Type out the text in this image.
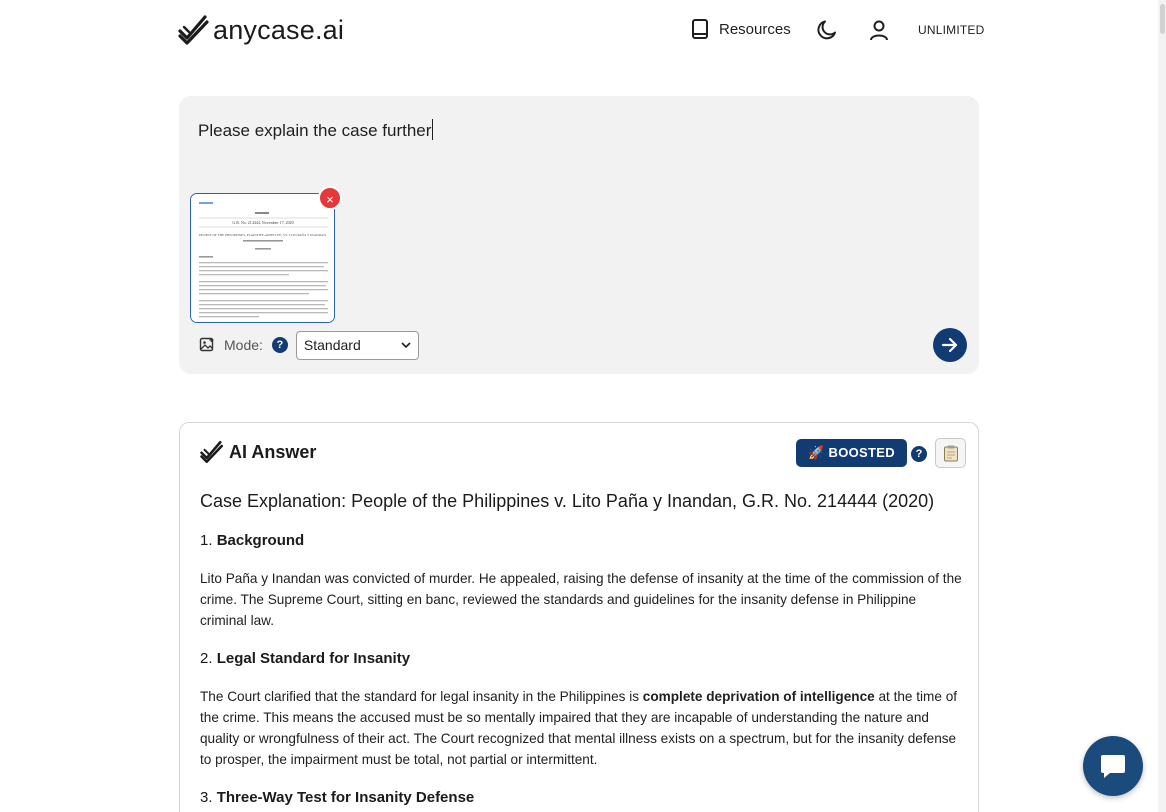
anycase.ai	Resources	UNLIMITED
Please explain the case further
G.R. No. 214444, November 17, 2020
PEOPLE OF THE PHILIPPINES, PLAINTIFF-APPELLEE, VS. LITO PAÑA Y INANDAN,
×
Mode:	?	Standard
AI Answer	🚀 BOOSTED	?
Case Explanation: People of the Philippines v. Lito Paña y Inandan, G.R. No. 214444 (2020)
1. Background
Lito Paña y Inandan was convicted of murder. He appealed, raising the defense of insanity at the time of the commission of the crime. The Supreme Court, sitting en banc, reviewed the standards and guidelines for the insanity defense in Philippine criminal law.
2. Legal Standard for Insanity
The Court clarified that the standard for legal insanity in the Philippines is complete deprivation of intelligence at the time of the crime. This means the accused must be so mentally impaired that they are incapable of understanding the nature and quality or wrongfulness of their act. The Court recognized that mental illness exists on a spectrum, but for the insanity defense to prosper, the impairment must be total, not partial or intermittent.
3. Three-Way Test for Insanity Defense
